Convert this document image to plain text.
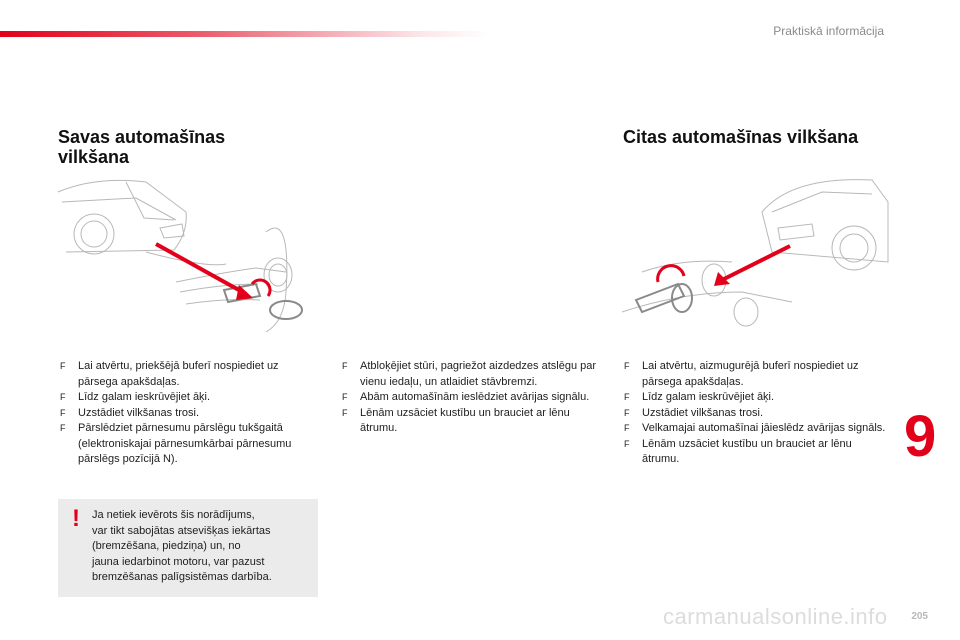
Praktiskā informācija
9
205
carmanualsonline.info
Savas automašīnas vilkšana
Citas automašīnas vilkšana
F Lai atvērtu, priekšējā buferī nospiediet uz pārsega apakšdaļas.
F Līdz galam ieskrūvējiet āķi.
F Uzstādiet vilkšanas trosi.
F Pārslēdziet pārnesumu pārslēgu tukšgaitā (elektroniskajai pārnesumkārbai pārnesumu pārslēgs pozīcijā N).
! Ja netiek ievērots šis norādījums,
var tikt sabojātas atsevišķas iekārtas
(bremzēšana, piedziņa) un, no
jauna iedarbinot motoru, var pazust
bremzēšanas palīgsistēmas darbība.
F Atbloķējiet stūri, pagriežot aizdedzes atslēgu par vienu iedaļu, un atlaidiet stāvbremzi.
F Abām automašīnām ieslēdziet avārijas signālu.
F Lēnām uzsāciet kustību un brauciet ar lēnu ātrumu.
F Lai atvērtu, aizmugurējā buferī nospiediet uz pārsega apakšdaļas.
F Līdz galam ieskrūvējiet āķi.
F Uzstādiet vilkšanas trosi.
F Velkamajai automašīnai jāieslēdz avārijas signāls.
F Lēnām uzsāciet kustību un brauciet ar lēnu ātrumu.
